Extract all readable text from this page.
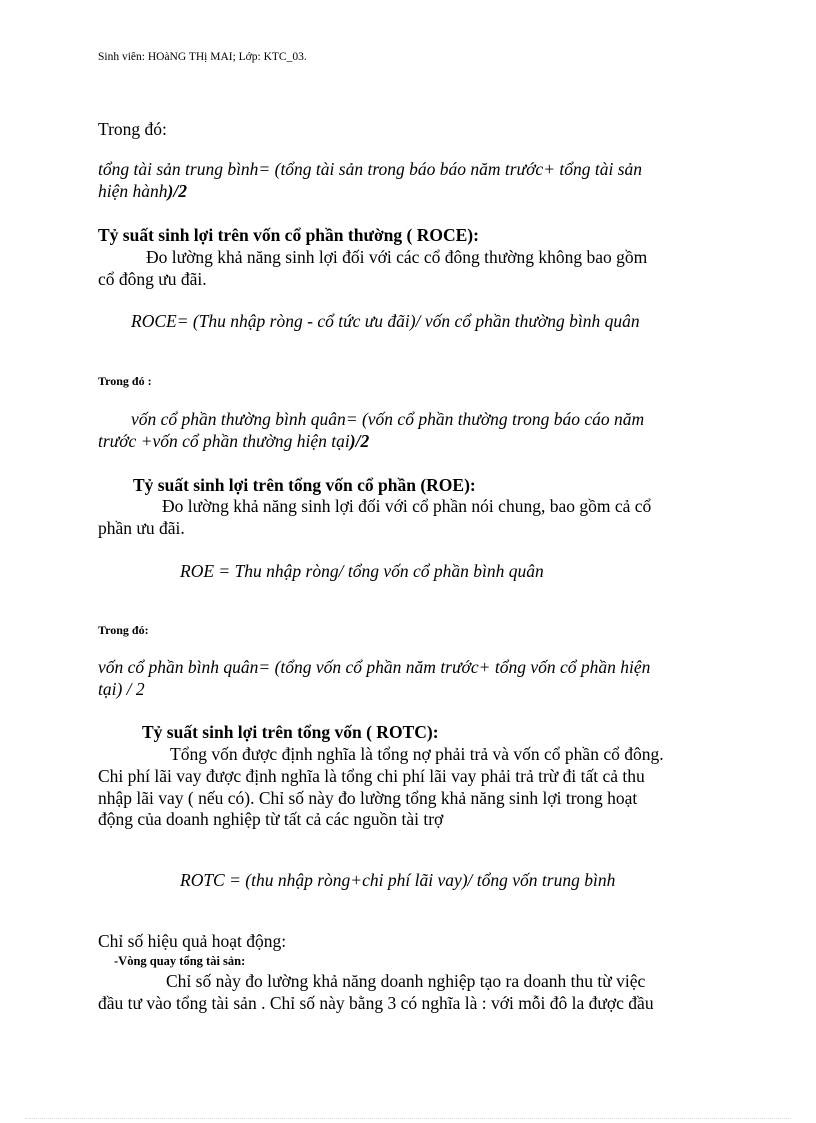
Sinh viên: HOàNG THị MAI; Lớp: KTC_03.
Trong đó:
tổng tài sản trung bình= (tổng tài sản trong báo báo năm trước+ tổng tài sản
hiện hành)/2
Tỷ suất sinh lợi trên vốn cổ phần thường ( ROCE):
Đo lường khả năng sinh lợi đối với các cổ đông thường không bao gồm
cổ đông ưu đãi.
ROCE= (Thu nhập ròng - cổ tức ưu đãi)/ vốn cổ phần thường bình quân
Trong đó :
vốn cổ phần thường bình quân= (vốn cổ phần thường trong báo cáo năm
trước +vốn cổ phần thường hiện tại)/2
Tỷ suất sinh lợi trên tổng vốn cổ phần (ROE):
Đo lường khả năng sinh lợi đối với cổ phần nói chung, bao gồm cả cổ
phần ưu đãi.
ROE = Thu nhập ròng/ tổng vốn cổ phần bình quân
Trong đó:
vốn cổ phần bình quân= (tổng vốn cổ phần năm trước+ tổng vốn cổ phần hiện
tại) / 2
Tỷ suất sinh lợi trên tổng vốn ( ROTC):
Tổng vốn được định nghĩa là tổng nợ phải trả và vốn cổ phần cổ đông.
Chi phí lãi vay được định nghĩa là tổng chi phí lãi vay phải trả trừ đi tất cả thu
nhập lãi vay ( nếu có). Chỉ số này đo lường tổng khả năng sinh lợi trong hoạt
động của doanh nghiệp từ tất cả các nguồn tài trợ
ROTC = (thu nhập ròng+chi phí lãi vay)/ tổng vốn trung bình
Chỉ số hiệu quả hoạt động:
-Vòng quay tổng tài sản:
Chỉ số này đo lường khả năng doanh nghiệp tạo ra doanh thu từ việc
đầu tư vào tổng tài sản . Chỉ số này bằng 3 có nghĩa là : với mỗi đô la được đầu
